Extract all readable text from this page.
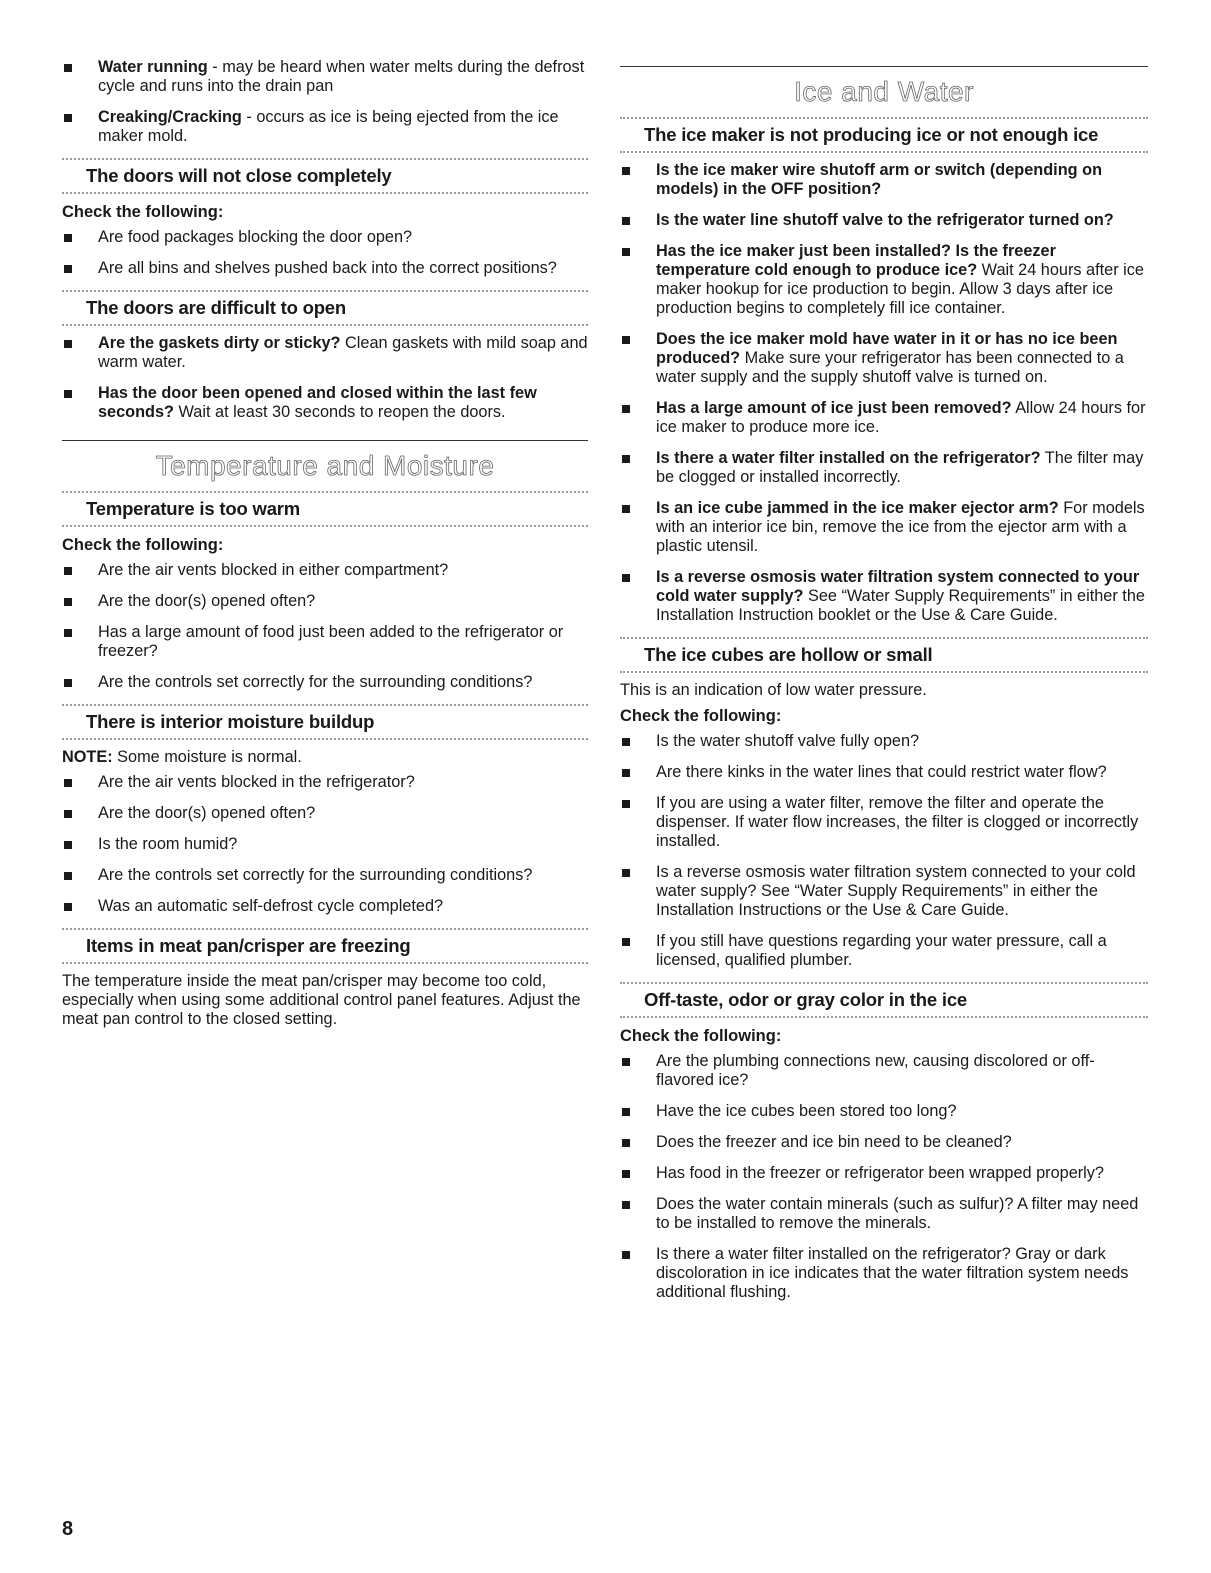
Water running - may be heard when water melts during the defrost cycle and runs into the drain pan
Creaking/Cracking - occurs as ice is being ejected from the ice maker mold.
The doors will not close completely
Check the following:
Are food packages blocking the door open?
Are all bins and shelves pushed back into the correct positions?
The doors are difficult to open
Are the gaskets dirty or sticky? Clean gaskets with mild soap and warm water.
Has the door been opened and closed within the last few seconds? Wait at least 30 seconds to reopen the doors.
Temperature and Moisture
Temperature is too warm
Check the following:
Are the air vents blocked in either compartment?
Are the door(s) opened often?
Has a large amount of food just been added to the refrigerator or freezer?
Are the controls set correctly for the surrounding conditions?
There is interior moisture buildup
NOTE: Some moisture is normal.
Are the air vents blocked in the refrigerator?
Are the door(s) opened often?
Is the room humid?
Are the controls set correctly for the surrounding conditions?
Was an automatic self-defrost cycle completed?
Items in meat pan/crisper are freezing
The temperature inside the meat pan/crisper may become too cold, especially when using some additional control panel features. Adjust the meat pan control to the closed setting.
Ice and Water
The ice maker is not producing ice or not enough ice
Is the ice maker wire shutoff arm or switch (depending on models) in the OFF position?
Is the water line shutoff valve to the refrigerator turned on?
Has the ice maker just been installed? Is the freezer temperature cold enough to produce ice? Wait 24 hours after ice maker hookup for ice production to begin. Allow 3 days after ice production begins to completely fill ice container.
Does the ice maker mold have water in it or has no ice been produced? Make sure your refrigerator has been connected to a water supply and the supply shutoff valve is turned on.
Has a large amount of ice just been removed? Allow 24 hours for ice maker to produce more ice.
Is there a water filter installed on the refrigerator? The filter may be clogged or installed incorrectly.
Is an ice cube jammed in the ice maker ejector arm? For models with an interior ice bin, remove the ice from the ejector arm with a plastic utensil.
Is a reverse osmosis water filtration system connected to your cold water supply? See “Water Supply Requirements” in either the Installation Instruction booklet or the Use & Care Guide.
The ice cubes are hollow or small
This is an indication of low water pressure.
Check the following:
Is the water shutoff valve fully open?
Are there kinks in the water lines that could restrict water flow?
If you are using a water filter, remove the filter and operate the dispenser. If water flow increases, the filter is clogged or incorrectly installed.
Is a reverse osmosis water filtration system connected to your cold water supply? See “Water Supply Requirements” in either the Installation Instructions or the Use & Care Guide.
If you still have questions regarding your water pressure, call a licensed, qualified plumber.
Off-taste, odor or gray color in the ice
Check the following:
Are the plumbing connections new, causing discolored or off-flavored ice?
Have the ice cubes been stored too long?
Does the freezer and ice bin need to be cleaned?
Has food in the freezer or refrigerator been wrapped properly?
Does the water contain minerals (such as sulfur)? A filter may need to be installed to remove the minerals.
Is there a water filter installed on the refrigerator? Gray or dark discoloration in ice indicates that the water filtration system needs additional flushing.
8
